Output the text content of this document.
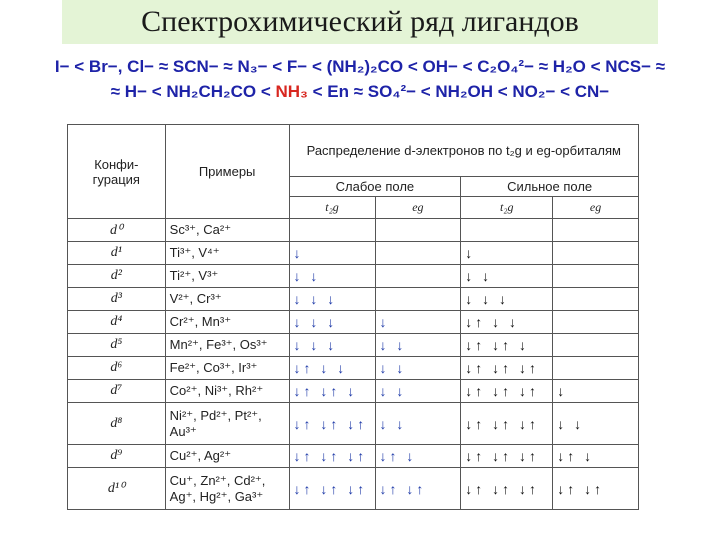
Спектрохимический ряд лигандов
I− < Br−, Cl− ≈ SCN− ≈ N₃− < F− < (NH₂)₂CO < OH− < C₂O₄²− ≈ H₂O < NCS− ≈
≈ H− < NH₂CH₂CO < NH₃ < En ≈ SO₄²− < NH₂OH < NO₂− < CN−
Конфи-гурация	Примеры	Распределение d-электронов по t₂g и eg-орбиталям			
		Слабое поле		Сильное поле	
		t₂g	eg	t₂g	eg
d⁰	Sc³⁺, Ca²⁺				
d¹	Ti³⁺, V⁴⁺	↓		↓	
d²	Ti²⁺, V³⁺	↓ ↓		↓ ↓	
d³	V²⁺, Cr³⁺	↓ ↓ ↓		↓ ↓ ↓	
d⁴	Cr²⁺, Mn³⁺	↓ ↓ ↓	↓	↓↑ ↓ ↓	
d⁵	Mn²⁺, Fe³⁺, Os³⁺	↓ ↓ ↓	↓ ↓	↓↑ ↓↑ ↓	
d⁶	Fe²⁺, Co³⁺, Ir³⁺	↓↑ ↓ ↓	↓ ↓	↓↑ ↓↑ ↓↑	
d⁷	Co²⁺, Ni³⁺, Rh²⁺	↓↑ ↓↑ ↓	↓ ↓	↓↑ ↓↑ ↓↑	↓
d⁸	Ni²⁺, Pd²⁺, Pt²⁺, Au³⁺	↓↑ ↓↑ ↓↑	↓ ↓	↓↑ ↓↑ ↓↑	↓ ↓
d⁹	Cu²⁺, Ag²⁺	↓↑ ↓↑ ↓↑	↓↑ ↓	↓↑ ↓↑ ↓↑	↓↑ ↓
d¹⁰	Cu⁺, Zn²⁺, Cd²⁺, Ag⁺, Hg²⁺, Ga³⁺	↓↑ ↓↑ ↓↑	↓↑ ↓↑	↓↑ ↓↑ ↓↑	↓↑ ↓↑
